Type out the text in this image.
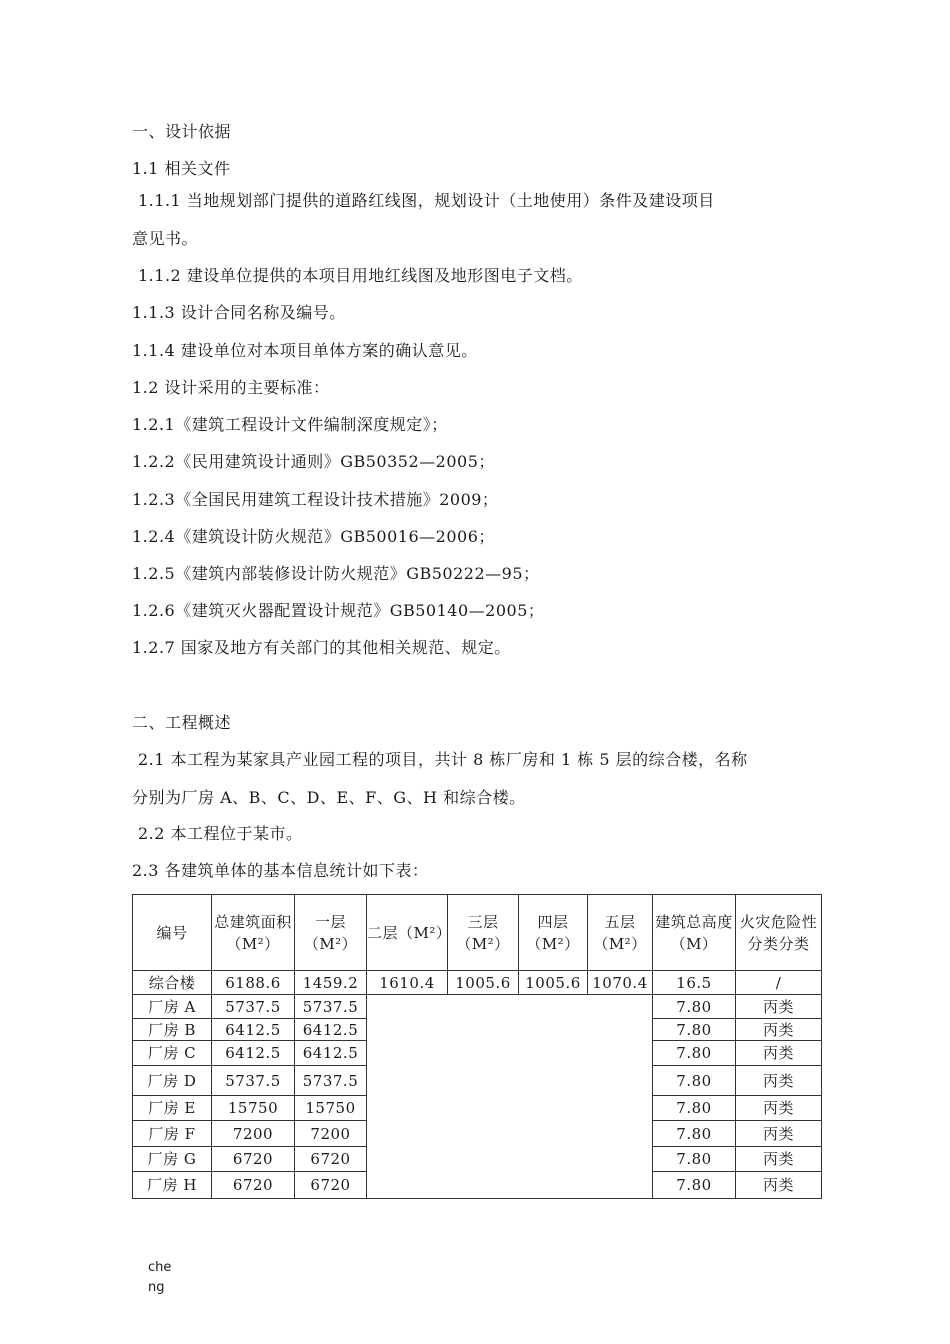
一、设计依据
1.1 相关文件
1.1.1 当地规划部门提供的道路红线图，规划设计（土地使用）条件及建设项目
意见书。
1.1.2 建设单位提供的本项目用地红线图及地形图电子文档。
1.1.3 设计合同名称及编号。
1.1.4 建设单位对本项目单体方案的确认意见。
1.2 设计采用的主要标准：
1.2.1《建筑工程设计文件编制深度规定》；
1.2.2《民用建筑设计通则》GB50352—2005；
1.2.3《全国民用建筑工程设计技术措施》2009；
1.2.4《建筑设计防火规范》GB50016—2006；
1.2.5《建筑内部装修设计防火规范》GB50222—95；
1.2.6《建筑灭火器配置设计规范》GB50140—2005；
1.2.7 国家及地方有关部门的其他相关规范、规定。
二、工程概述
2.1 本工程为某家具产业园工程的项目，共计 8 栋厂房和 1 栋 5 层的综合楼，名称
分别为厂房 A、B、C、D、E、F、G、H 和综合楼。
2.2 本工程位于某市。
2.3 各建筑单体的基本信息统计如下表：
编号	总建筑面积（M²）	一层（M²）	二层（M²）	三层（M²）	四层（M²）	五层（M²）	建筑总高度（M）	火灾危险性分类分类
综合楼	6188.6	1459.2	1610.4	1005.6	1005.6	1070.4	16.5	/
厂房 A	5737.5	5737.5					7.80	丙类
厂房 B	6412.5	6412.5					7.80	丙类
厂房 C	6412.5	6412.5					7.80	丙类
厂房 D	5737.5	5737.5					7.80	丙类
厂房 E	15750	15750					7.80	丙类
厂房 F	7200	7200					7.80	丙类
厂房 G	6720	6720					7.80	丙类
厂房 H	6720	6720					7.80	丙类
cheng
